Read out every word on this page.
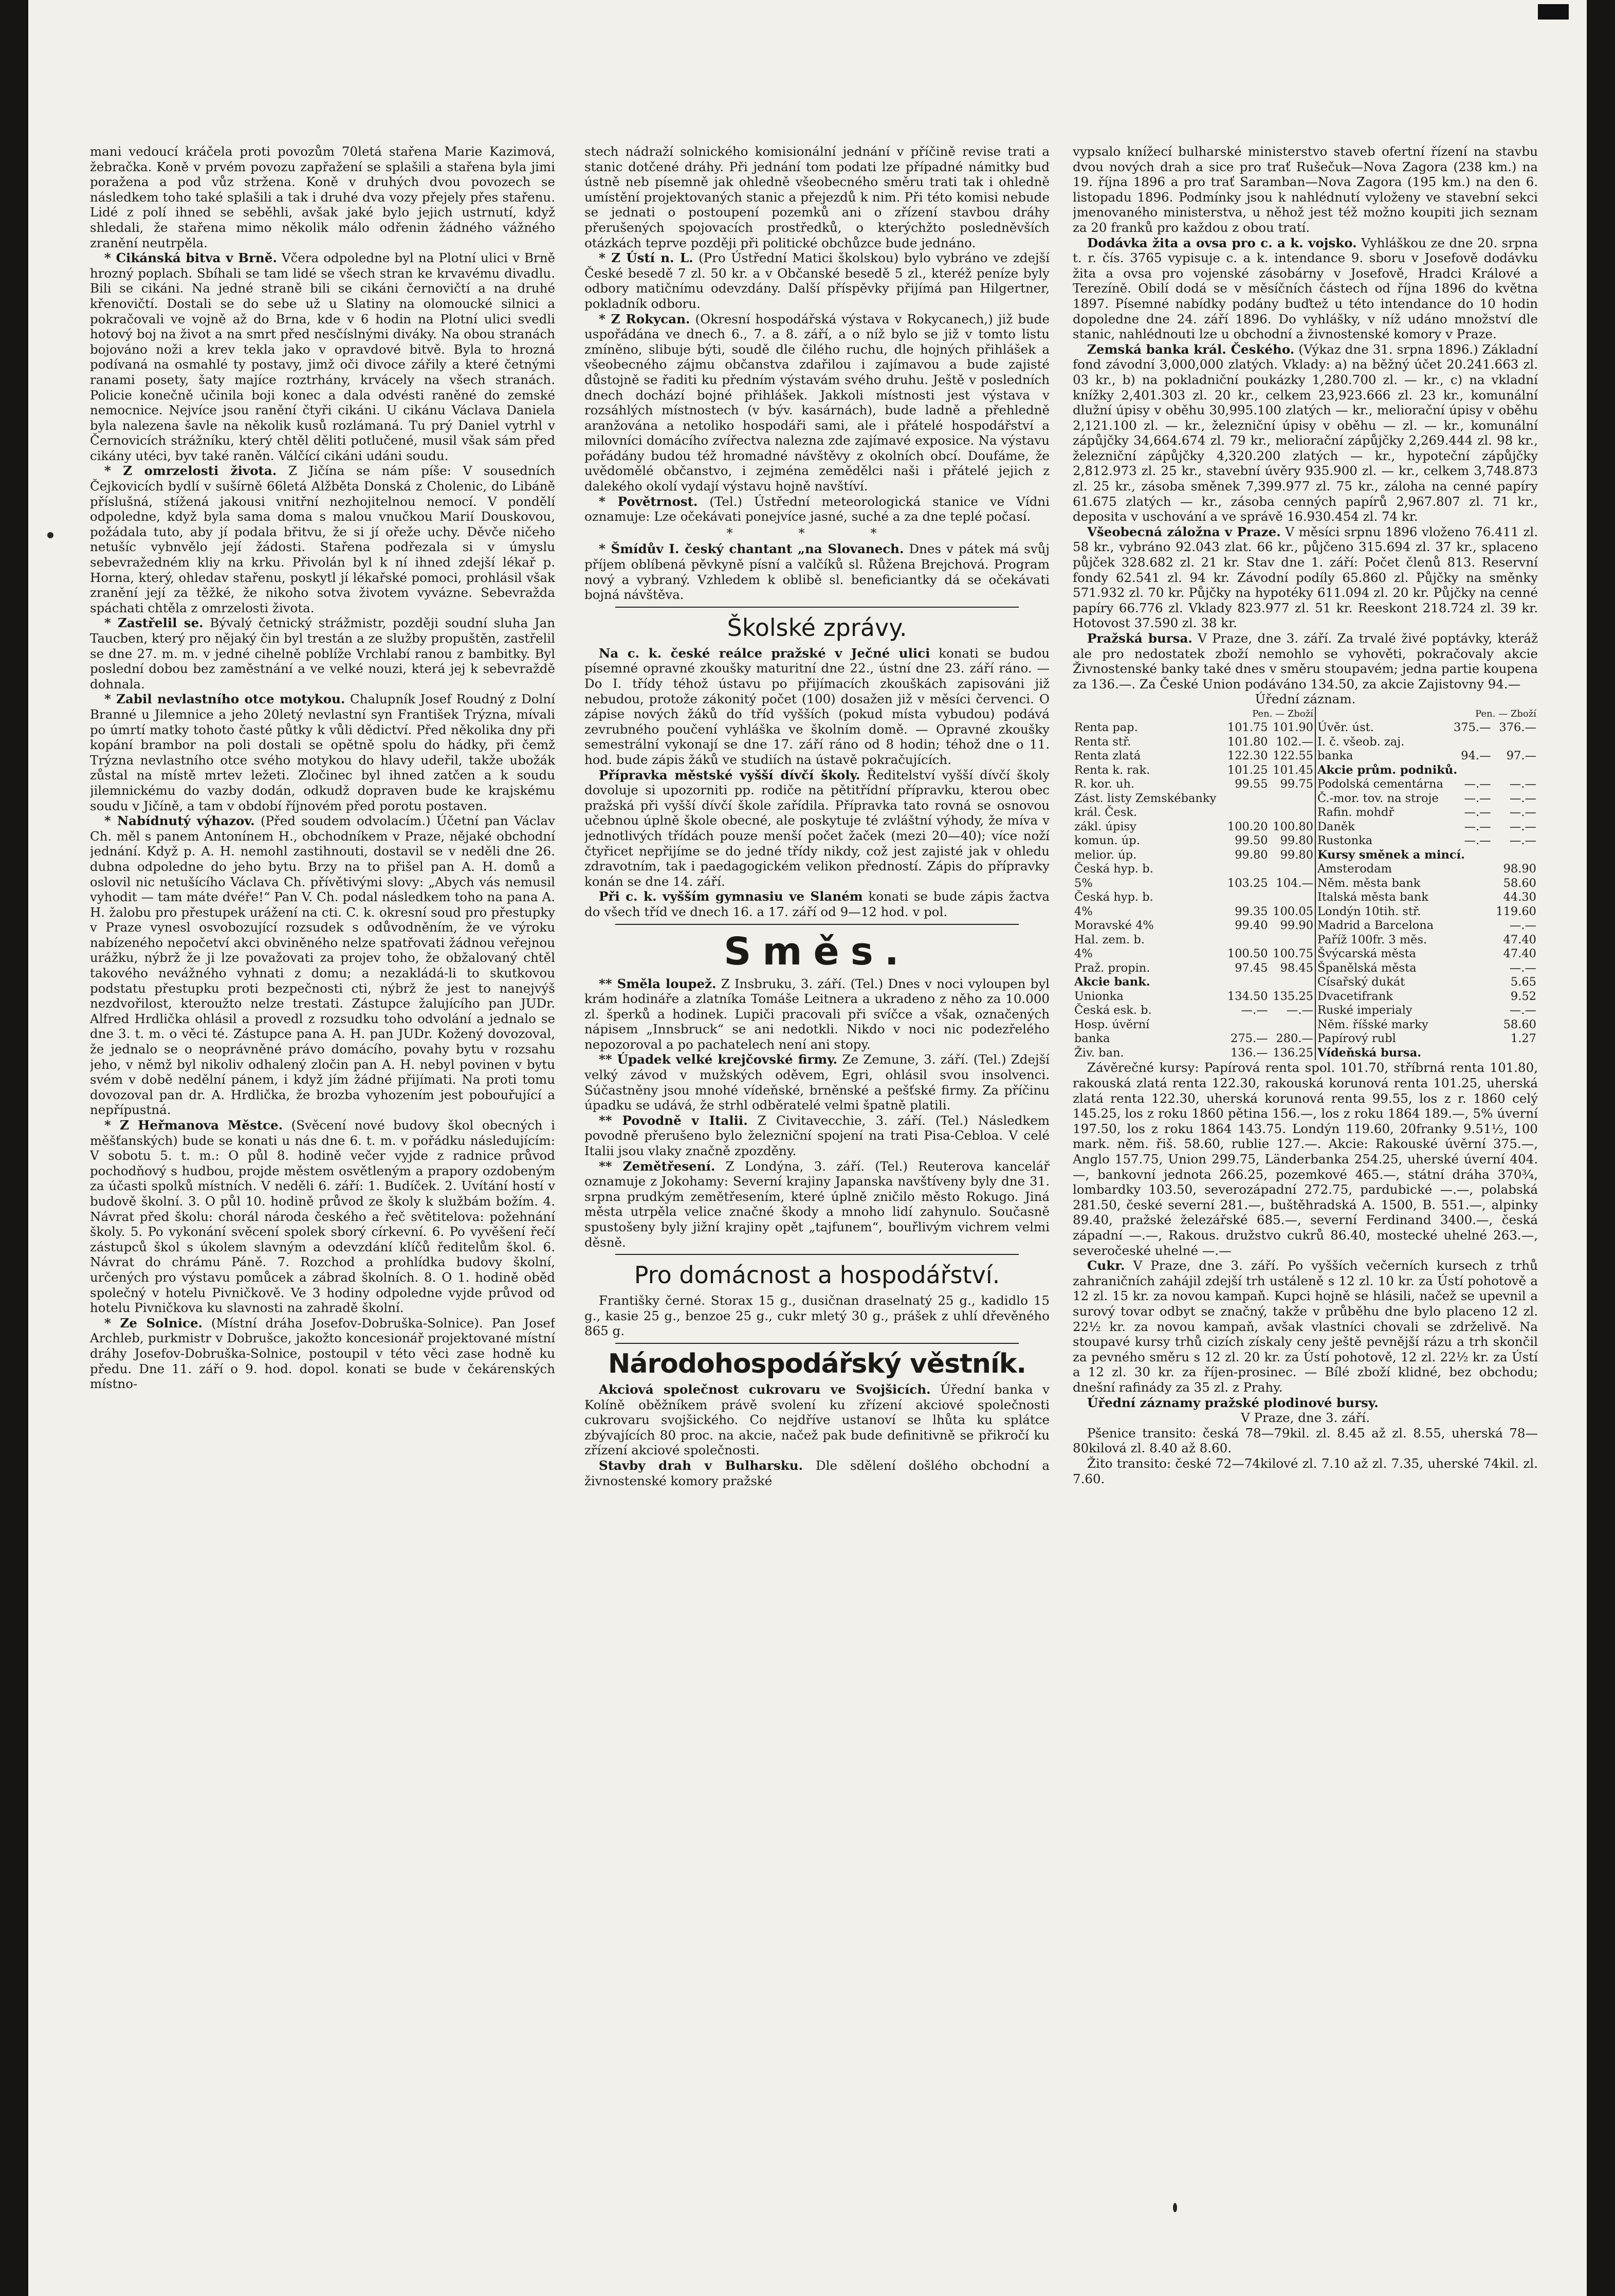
mani vedoucí kráčela proti povozům 70letá stařena Marie Kazimová, žebračka. Koně v prvém povozu zapřažení se splašili a stařena byla jimi poražena a pod vůz stržena. Koně v druhých dvou povozech se následkem toho také splašili a tak i druhé dva vozy přejely přes stařenu. Lidé z polí ihned se seběhli, avšak jaké bylo jejich ustrnutí, když shledali, že stařena mimo několik málo odřenin žádného vážného zranění neutrpěla.

* Cikánská bitva v Brně. Včera odpoledne byl na Plotní ulici v Brně hrozný poplach. Sbíhali se tam lidé se všech stran ke krvavému divadlu. Bili se cikáni. Na jedné straně bili se cikáni černovičtí a na druhé křenovičtí. Dostali se do sebe už u Slatiny na olomoucké silnici a pokračovali ve vojně až do Brna, kde v 6 hodin na Plotní ulici svedli hotový boj na život a na smrt před nesčíslnými diváky. Na obou stranách bojováno noži a krev tekla jako v opravdové bitvě. Byla to hrozná podívaná na osmahlé ty postavy, jimž oči divoce zářily a které četnými ranami posety, šaty majíce roztrhány, krvácely na všech stranách. Policie konečně učinila boji konec a dala odvésti raněné do zemské nemocnice. Nejvíce jsou ranění čtyři cikáni. U cikánu Václava Daniela byla nalezena šavle na několik kusů rozlámaná. Tu prý Daniel vytrhl v Černovicích strážníku, který chtěl děliti potlučené, musil však sám před cikány utéci, byv také raněn. Válčící cikáni udáni soudu.

* Z omrzelosti života. Z Jičína se nám píše: V sousedních Čejkovicích bydlí v sušírně 66letá Alžběta Donská z Cholenic, do Libáně příslušná, stížená jakousi vnitřní nezhojitelnou nemocí. V pondělí odpoledne, když byla sama doma s malou vnučkou Marií Douskovou, požádala tuto, aby jí podala břitvu, že si jí ořeže uchy. Děvče ničeho netušíc vybnvělo její žádosti. Stařena podřezala si v úmyslu sebevražedném kliy na krku. Přivolán byl k ní ihned zdejší lékař p. Horna, který, ohledav stařenu, poskytl jí lékařské pomoci, prohlásil však zranění její za těžké, že nikoho sotva životem vyvázne. Sebevražda spáchati chtěla z omrzelosti života.

* Zastřelil se. Bývalý četnický strážmistr, později soudní sluha Jan Taucben, který pro nějaký čin byl trestán a ze služby propuštěn, zastřelil se dne 27. m. m. v jedné cihelně poblíže Vrchlabí ranou z bambitky. Byl poslední dobou bez zaměstnání a ve velké nouzi, která jej k sebevraždě dohnala.

* Zabil nevlastního otce motykou. Chalupník Josef Roudný z Dolní Branné u Jilemnice a jeho 20letý nevlastní syn František Trýzna, mívali po úmrtí matky tohoto časté půtky k vůli dědictví. Před několika dny při kopání brambor na poli dostali se opětně spolu do hádky, při čemž Trýzna nevlastního otce svého motykou do hlavy udeřil, takže ubožák zůstal na místě mrtev ležeti. Zločinec byl ihned zatčen a k soudu jilemnickému do vazby dodán, odkudž dopraven bude ke krajskému soudu v Jičíně, a tam v období říjnovém před porotu postaven.

* Nabídnutý výhazov. (Před soudem odvolacím.) Účetní pan Václav Ch. měl s panem Antonínem H., obchodníkem v Praze, nějaké obchodní jednání. Když p. A. H. nemohl zastihnouti, dostavil se v neděli dne 26. dubna odpoledne do jeho bytu. Brzy na to přišel pan A. H. domů a oslovil nic netušícího Václava Ch. přívětivými slovy: „Abych vás nemusil vyhodit — tam máte dvéře!“ Pan V. Ch. podal následkem toho na pana A. H. žalobu pro přestupek urážení na cti. C. k. okresní soud pro přestupky v Praze vynesl osvobozující rozsudek s odůvodněním, že ve výroku nabízeného nepočetví akci obviněného nelze spatřovati žádnou veřejnou urážku, nýbrž že ji lze považovati za projev toho, že obžalovaný chtěl takového nevážného vyhnati z domu; a nezakládá-li to skutkovou podstatu přestupku proti bezpečnosti cti, nýbrž že jest to nanejvýš nezdvořilost, kteroužto nelze trestati. Zástupce žalujícího pan JUDr. Alfred Hrdlička ohlásil a provedl z rozsudku toho odvolání a jednalo se dne 3. t. m. o věci té. Zástupce pana A. H. pan JUDr. Kožený dovozoval, že jednalo se o neoprávněné právo domácího, povahy bytu v rozsahu jeho, v němž byl nikoliv odhalený zločin pan A. H. nebyl povinen v bytu svém v době nedělní pánem, i když jím žádné přijímati. Na proti tomu dovozoval pan dr. A. Hrdlička, že brozba vyhozením jest pobouřující a nepřípustná.

* Z Heřmanova Městce. (Svěcení nové budovy škol obecných i měšťanských) bude se konati u nás dne 6. t. m. v pořádku následujícím: V sobotu 5. t. m.: O půl 8. hodině večer vyjde z radnice průvod pochodňový s hudbou, projde městem osvětleným a prapory ozdobeným za účasti spolků místních. V neděli 6. září: 1. Budíček. 2. Uvítání hostí v budově školní. 3. O půl 10. hodině průvod ze školy k službám božím. 4. Návrat před školu: chorál národa českého a řeč světitelova: požehnání školy. 5. Po vykonání svěcení spolek sborý církevní. 6. Po vyvěšení řečí zástupců škol s úkolem slavným a odevzdání klíčů ředitelům škol. 6. Návrat do chrámu Páně. 7. Rozchod a prohlídka budovy školní, určených pro výstavu pomůcek a zábrad školních. 8. O 1. hodině oběd společný v hotelu Pivničkově. Ve 3 hodiny odpoledne vyjde průvod od hotelu Pivničkova ku slavnosti na zahradě školní.

* Ze Solnice. (Místní dráha Josefov-Dobruška-Solnice). Pan Josef Archleb, purkmistr v Dobrušce, jakožto koncesionář projektované místní dráhy Josefov-Dobruška-Solnice, postoupil v této věci zase hodně ku předu. Dne 11. září o 9. hod. dopol. konati se bude v čekárenských místno-

stech nádraží solnického komisionální jednání v příčině revise trati a stanic dotčené dráhy. Při jednání tom podati lze případné námitky buď ústně neb písemně jak ohledně všeobecného směru trati tak i ohledně umístění projektovaných stanic a přejezdů k nim. Při této komisi nebude se jednati o postoupení pozemků ani o zřízení stavbou dráhy přerušených spojovacích prostředků, o kterýchžto posledněvších otázkách teprve později při politické obchůzce bude jednáno.

* Z Ústí n. L. (Pro Ústřední Matici školskou) bylo vybráno ve zdejší České besedě 7 zl. 50 kr. a v Občanské besedě 5 zl., kteréž peníze byly odbory matičnímu odevzdány. Další příspěvky přijímá pan Hilgertner, pokladník odboru.

* Z Rokycan. (Okresní hospodářská výstava v Rokycanech,) již bude uspořádána ve dnech 6., 7. a 8. září, a o níž bylo se již v tomto listu zmíněno, slibuje býti, soudě dle čilého ruchu, dle hojných přihlášek a všeobecného zájmu občanstva zdařilou i zajímavou a bude zajisté důstojně se řaditi ku předním výstavám svého druhu. Ještě v posledních dnech dochází bojné přihlášek. Jakkoli místnosti jest výstava v rozsáhlých místnostech (v býv. kasárnách), bude ladně a přehledně aranžována a netoliko hospodáři sami, ale i přátelé hospodářství a milovníci domácího zvířectva nalezna zde zajímavé exposice. Na výstavu pořádány budou též hromadné návštěvy z okolních obcí. Doufáme, že uvědomělé občanstvo, i zejména zemědělci naši i přátelé jejich z dalekého okolí vydají výstavu hojně navštíví.

* Povětrnost. (Tel.) Ústřední meteorologická stanice ve Vídni oznamuje: Lze očekávati ponejvíce jasné, suché a za dne teplé počasí.

* * *

* Šmídův I. český chantant „na Slovanech. Dnes v pátek má svůj příjem oblíbená pěvkyně písní a valčíků sl. Růžena Brejchová. Program nový a vybraný. Vzhledem k oblibě sl. beneficiantky dá se očekávati bojná návštěva.

Školské zprávy.

Na c. k. české reálce pražské v Ječné ulici konati se budou písemné opravné zkoušky maturitní dne 22., ústní dne 23. září ráno. — Do I. třídy téhož ústavu po přijímacích zkouškách zapisováni již nebudou, protože zákonitý počet (100) dosažen již v měsíci červenci. O zápise nových žáků do tříd vyšších (pokud místa vybudou) podává zevrubného poučení vyhláška ve školním domě. — Opravné zkoušky semestrální vykonají se dne 17. září ráno od 8 hodin; téhož dne o 11. hod. bude zápis žáků ve studiích na ústavě pokračujících.

Přípravka městské vyšší dívčí školy. Ředitelství vyšší dívčí školy dovoluje si upozorniti pp. rodiče na pětitřídní přípravku, kterou obec pražská při vyšší dívčí škole zařídila. Přípravka tato rovná se osnovou učebnou úplně škole obecné, ale poskytuje té zvláštní výhody, že míva v jednotlivých třídách pouze menší počet žaček (mezi 20—40); více noží čtyřicet nepřijíme se do jedné třídy nikdy, což jest zajisté jak v ohledu zdravotním, tak i paedagogickém velikon předností. Zápis do přípravky konán se dne 14. září.

Při c. k. vyšším gymnasiu ve Slaném konati se bude zápis žactva do všech tříd ve dnech 16. a 17. září od 9—12 hod. v pol.

Směs.

** Směla loupež. Z Insbruku, 3. září. (Tel.) Dnes v noci vyloupen byl krám hodináře a zlatníka Tomáše Leitnera a ukradeno z něho za 10.000 zl. šperků a hodinek. Lupiči pracovali při svíčce a však, označených nápisem „Innsbruck“ se ani nedotkli. Nikdo v noci nic podezřelého nepozoroval a po pachatelech není ani stopy.

** Úpadek velké krejčovské firmy. Ze Zemune, 3. září. (Tel.) Zdejší velký závod v mužských oděvem, Egri, ohlásil svou insolvenci. Súčastněny jsou mnohé vídeňské, brněnské a pešťské firmy. Za příčinu úpadku se udává, že strhl odběratelé velmi špatně platili.

** Povodně v Italii. Z Civitavecchie, 3. září. (Tel.) Následkem povodně přerušeno bylo železniční spojení na trati Pisa-Cebloa. V celé Italii jsou vlaky značně zpozděny.

** Zemětřesení. Z Londýna, 3. září. (Tel.) Reuterova kancelář oznamuje z Jokohamy: Severní krajiny Japanska navštíveny byly dne 31. srpna prudkým zemětřesením, které úplně zničilo město Rokugo. Jiná města utrpěla velice značné škody a mnoho lidí zahynulo. Současně spustošeny byly jižní krajiny opět „tajfunem“, bouřlivým vichrem velmi děsně.

Pro domácnost a hospodářství.

Františky černé. Storax 15 g., dusičnan draselnatý 25 g., kadidlo 15 g., kasie 25 g., benzoe 25 g., cukr mletý 30 g., prášek z uhlí dřevěného 865 g.

Národohospodářský věstník.

Akciová společnost cukrovaru ve Svojšicích. Úřední banka v Kolíně oběžníkem právě svolení ku zřízení akciové společnosti cukrovaru svojšického. Co nejdříve ustanoví se lhůta ku splátce zbývajících 80 proc. na akcie, načež pak bude definitivně se přikročí ku zřízení akciové společnosti.

Stavby drah v Bulharsku. Dle sdělení došlého obchodní a živnostenské komory pražské

vypsalo knížecí bulharské ministerstvo staveb ofertní řízení na stavbu dvou nových drah a sice pro trať Rušečuk—Nova Zagora (238 km.) na 19. října 1896 a pro trať Saramban—Nova Zagora (195 km.) na den 6. listopadu 1896. Podmínky jsou k nahlédnutí vyloženy ve stavební sekci jmenovaného ministerstva, u něhož jest též možno koupiti jich seznam za 20 franků pro každou z obou tratí.

Dodávka žita a ovsa pro c. a k. vojsko. Vyhláškou ze dne 20. srpna t. r. čís. 3765 vypisuje c. a k. intendance 9. sboru v Josefově dodávku žita a ovsa pro vojenské zásobárny v Josefově, Hradci Králové a Terezíně. Obilí dodá se v měsíčních částech od října 1896 do května 1897. Písemné nabídky podány buďtež u této intendance do 10 hodin dopoledne dne 24. září 1896. Do vyhlášky, v níž udáno množství dle stanic, nahlédnouti lze u obchodní a živnostenské komory v Praze.

Zemská banka král. Českého. (Výkaz dne 31. srpna 1896.) Základní fond závodní 3,000,000 zlatých. Vklady: a) na běžný účet 20.241.663 zl. 03 kr., b) na pokladniční poukázky 1,280.700 zl. — kr., c) na vkladní knížky 2,401.303 zl. 20 kr., celkem 23,923.666 zl. 23 kr., komunální dlužní úpisy v oběhu 30,995.100 zlatých — kr., meliorační úpisy v oběhu 2,121.100 zl. — kr., železniční úpisy v oběhu — zl. — kr., komunální zápůjčky 34,664.674 zl. 79 kr., meliorační zápůjčky 2,269.444 zl. 98 kr., železniční zápůjčky 4,320.200 zlatých — kr., hypoteční zápůjčky 2,812.973 zl. 25 kr., stavební úvěry 935.900 zl. — kr., celkem 3,748.873 zl. 25 kr., zásoba směnek 7,399.977 zl. 75 kr., záloha na cenné papíry 61.675 zlatých — kr., zásoba cenných papírů 2,967.807 zl. 71 kr., deposita v uschování a ve správě 16.930.454 zl. 74 kr.

Všeobecná záložna v Praze. V měsíci srpnu 1896 vloženo 76.411 zl. 58 kr., vybráno 92.043 zlat. 66 kr., půjčeno 315.694 zl. 37 kr., splaceno půjček 328.682 zl. 21 kr. Stav dne 1. září: Počet členů 813. Reservní fondy 62.541 zl. 94 kr. Závodní podíly 65.860 zl. Půjčky na směnky 571.932 zl. 70 kr. Půjčky na hypotéky 611.094 zl. 20 kr. Půjčky na cenné papíry 66.776 zl. Vklady 823.977 zl. 51 kr. Reeskont 218.724 zl. 39 kr. Hotovost 37.590 zl. 38 kr.

Pražská bursa. V Praze, dne 3. září. Za trvalé živé poptávky, kteráž ale pro nedostatek zboží nemohlo se vyhověti, pokračovaly akcie Živnostenské banky také dnes v směru stoupavém; jedna partie koupena za 136.—. Za České Union podáváno 134.50, za akcie Zajistovny 94.—

Úřední záznam.

Pen. — Zboží			Pen. — Zboží		
Renta pap.	101.75	101.90	Úvěr. úst.	375.—	376.—
Renta stř.	101.80	102.—	I. č. všeob. zaj.		
Renta zlatá	122.30	122.55	banka	94.—	97.—
Renta k. rak.	101.25	101.45	Akcie prům. podniků.		
R. kor. uh.	99.55	99.75	Podolská cementárna	—.—	—.—
Zást. listy Zemskébanky			Č.-mor. tov. na stroje	—.—	—.—
král. Česk.			Rafin. mohdř	—.—	—.—
zákl. úpisy	100.20	100.80	Daněk	—.—	—.—
komun. úp.	99.50	99.80	Rustonka	—.—	—.—
melior. úp.	99.80	99.80	Kursy směnek a mincí.		
Česká hyp. b.			Amsterodam		98.90
5%	103.25	104.—	Něm. města bank		58.60
Česká hyp. b.			Italská města bank		44.30
4%	99.35	100.05	Londýn 10tih. stř.		119.60
Moravské 4%	99.40	99.90	Madrid a Barcelona		—.—
Hal. zem. b.			Paříž 100fr. 3 měs.		47.40
4%	100.50	100.75	Švýcarská města		47.40
Praž. propin.	97.45	98.45	Španělská města		—.—
Akcie bank.			Císařský dukát		5.65
Unionka	134.50	135.25	Dvacetifrank		9.52
Česká esk. b.	—.—	—.—	Ruské imperialy		—.—
Hosp. úvěrní			Něm. říšské marky		58.60
banka	275.—	280.—	Papírový rubl		1.27
Živ. ban.	136.—	136.25	Vídeňská bursa.		

Závěrečné kursy: Papírová renta spol. 101.70, stříbrná renta 101.80, rakouská zlatá renta 122.30, rakouská korunová renta 101.25, uherská zlatá renta 122.30, uherská korunová renta 99.55, los z r. 1860 celý 145.25, los z roku 1860 pětina 156.—, los z roku 1864 189.—, 5% úverní 197.50, los z roku 1864 143.75. Londýn 119.60, 20franky 9.51½, 100 mark. něm. řiš. 58.60, rublie 127.—. Akcie: Rakouské úvěrní 375.—, Anglo 157.75, Union 299.75, Länderbanka 254.25, uherské úverní 404.—, bankovní jednota 266.25, pozemkové 465.—, státní dráha 370¾, lombardky 103.50, severozápadní 272.75, pardubické —.—, polabská 281.50, české severní 281.—, buštěhradská A. 1500, B. 551.—, alpinky 89.40, pražské železářské 685.—, severní Ferdinand 3400.—, česká západní —.—, Rakous. družstvo cukrů 86.40, mostecké uhelné 263.—, severočeské uhelné —.—

Cukr. V Praze, dne 3. září. Po vyšších večerních kursech z trhů zahraničních zahájil zdejší trh ustáleně s 12 zl. 10 kr. za Ústí pohotově a 12 zl. 15 kr. za novou kampaň. Kupci hojně se hlásili, načež se upevnil a surový tovar odbyt se značný, takže v průběhu dne bylo placeno 12 zl. 22½ kr. za novou kampaň, avšak vlastníci chovali se zdrželivě. Na stoupavé kursy trhů cizích získaly ceny ještě pevnější rázu a trh skončil za pevného směru s 12 zl. 20 kr. za Ústí pohotově, 12 zl. 22½ kr. za Ústí a 12 zl. 30 kr. za říjen-prosinec. — Bílé zboží klidné, bez obchodu; dnešní rafinády za 35 zl. z Prahy.

Úřední záznamy pražské plodinové bursy.

V Praze, dne 3. září.

Pšenice transito: česká 78—79kil. zl. 8.45 až zl. 8.55, uherská 78—80kilová zl. 8.40 až 8.60.

Žito transito: české 72—74kilové zl. 7.10 až zl. 7.35, uherské 74kil. zl. 7.60.
